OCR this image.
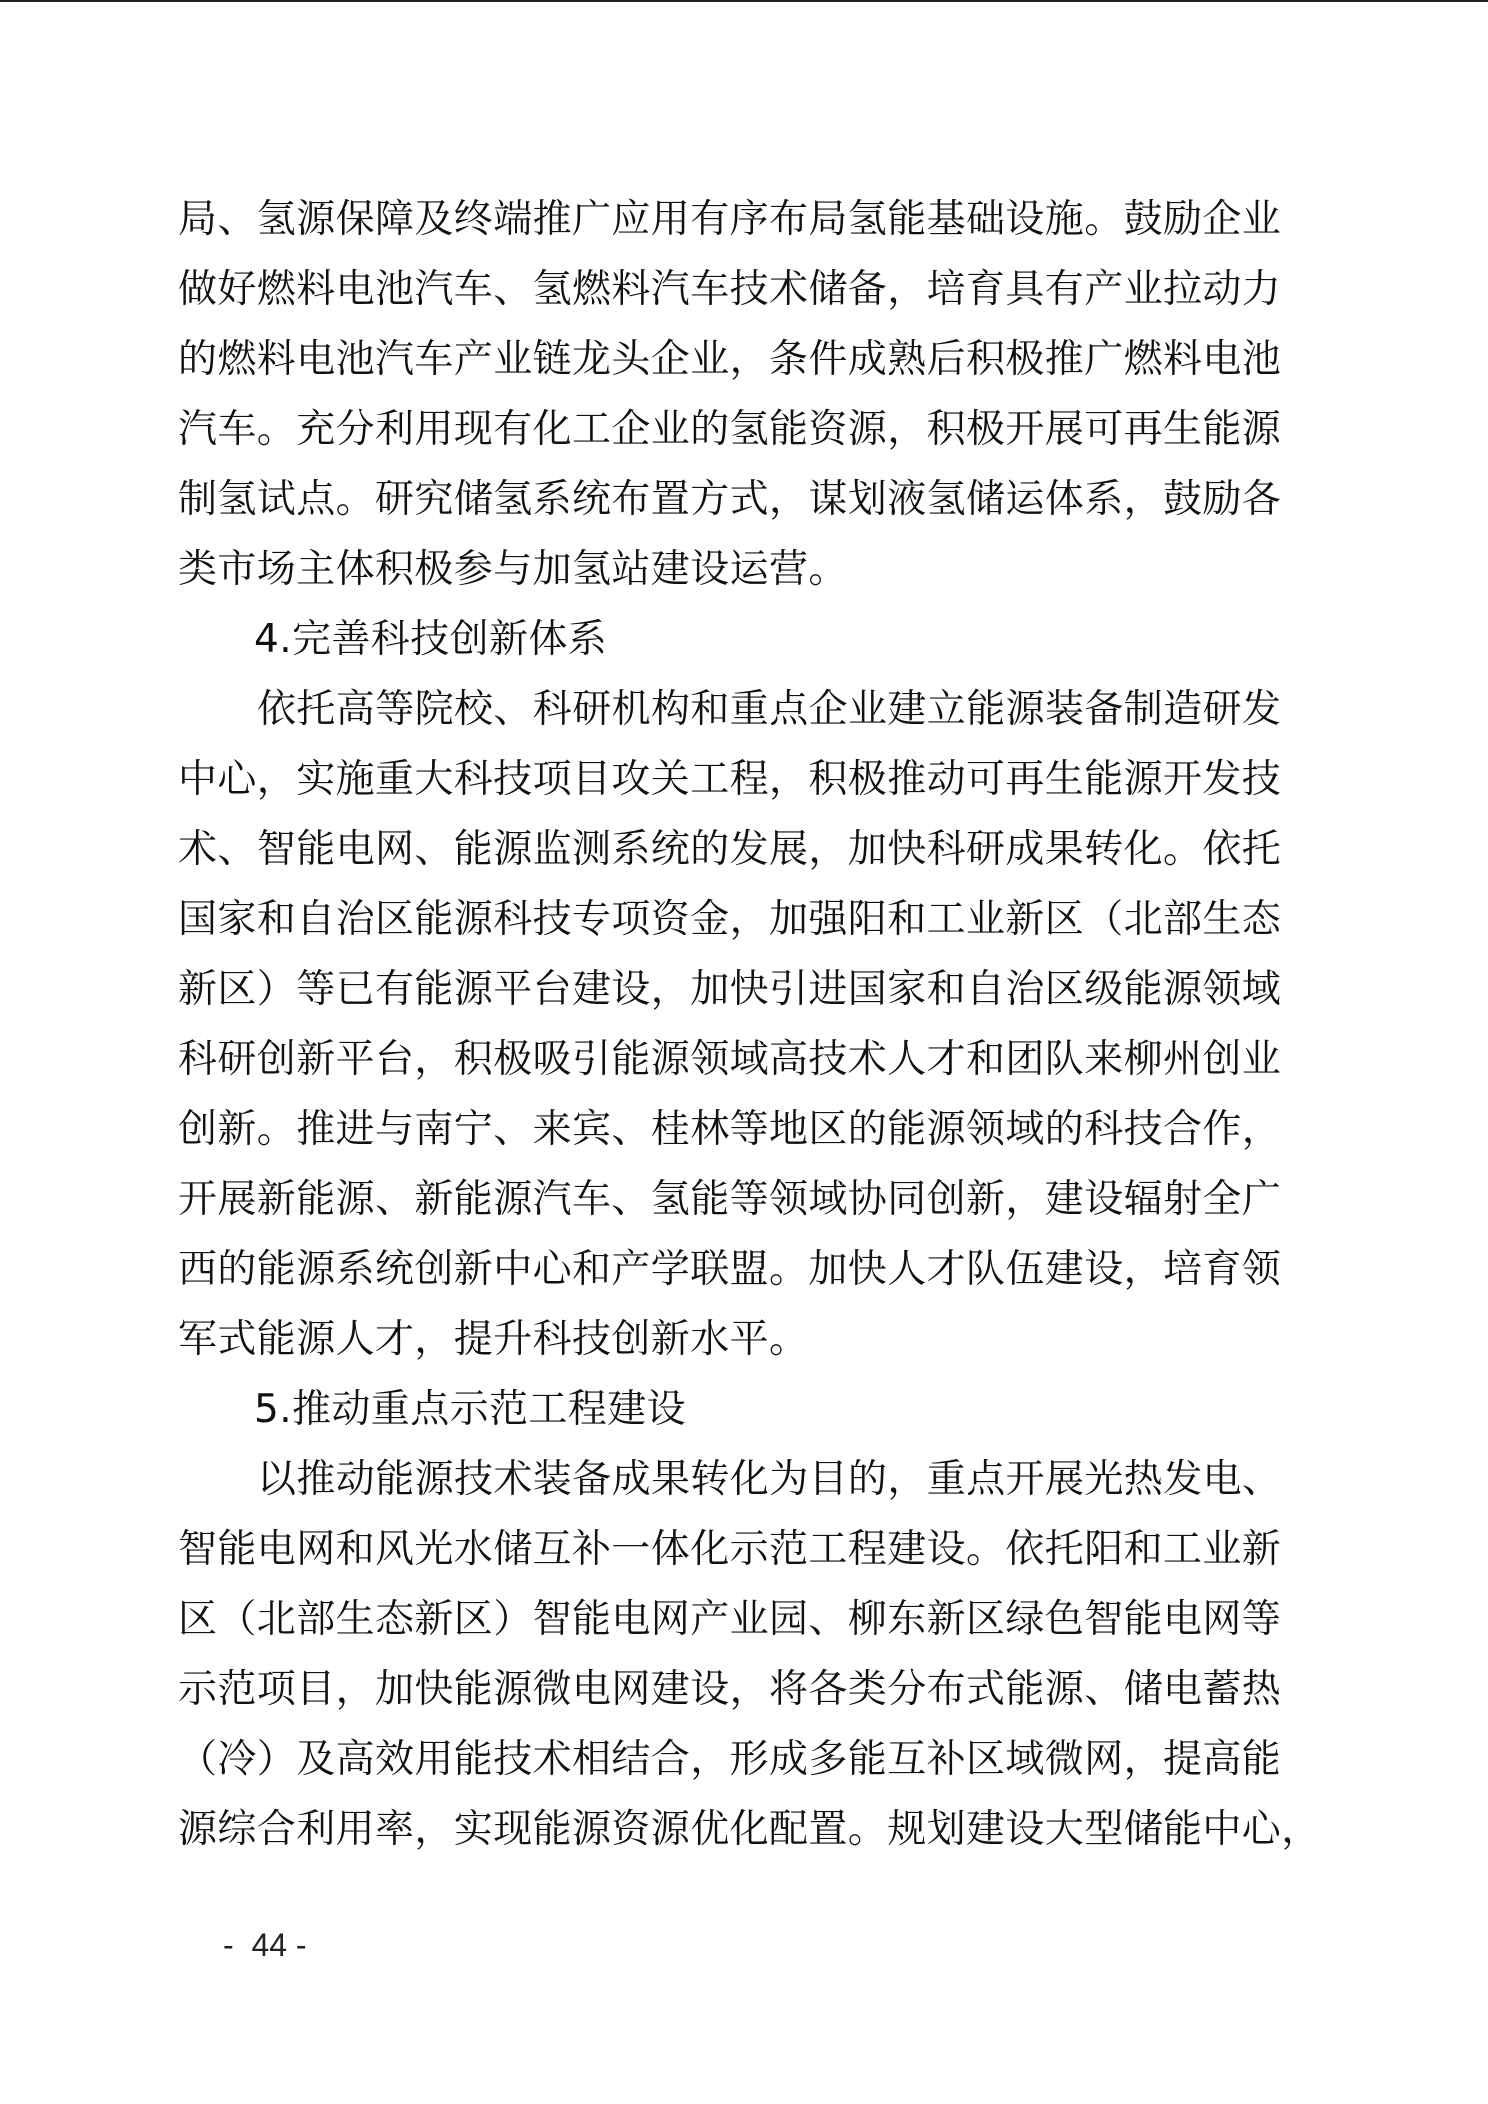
局、氢源保障及终端推广应用有序布局氢能基础设施。鼓励企业
做好燃料电池汽车、氢燃料汽车技术储备，培育具有产业拉动力
的燃料电池汽车产业链龙头企业，条件成熟后积极推广燃料电池
汽车。充分利用现有化工企业的氢能资源，积极开展可再生能源
制氢试点。研究储氢系统布置方式，谋划液氢储运体系，鼓励各
类市场主体积极参与加氢站建设运营。
4.完善科技创新体系
依托高等院校、科研机构和重点企业建立能源装备制造研发
中心，实施重大科技项目攻关工程，积极推动可再生能源开发技
术、智能电网、能源监测系统的发展，加快科研成果转化。依托
国家和自治区能源科技专项资金，加强阳和工业新区（北部生态
新区）等已有能源平台建设，加快引进国家和自治区级能源领域
科研创新平台，积极吸引能源领域高技术人才和团队来柳州创业
创新。推进与南宁、来宾、桂林等地区的能源领域的科技合作，
开展新能源、新能源汽车、氢能等领域协同创新，建设辐射全广
西的能源系统创新中心和产学联盟。加快人才队伍建设，培育领
军式能源人才，提升科技创新水平。
5.推动重点示范工程建设
以推动能源技术装备成果转化为目的，重点开展光热发电、
智能电网和风光水储互补一体化示范工程建设。依托阳和工业新
区（北部生态新区）智能电网产业园、柳东新区绿色智能电网等
示范项目，加快能源微电网建设，将各类分布式能源、储电蓄热
（冷）及高效用能技术相结合，形成多能互补区域微网，提高能
源综合利用率，实现能源资源优化配置。规划建设大型储能中心，
-  44 -
